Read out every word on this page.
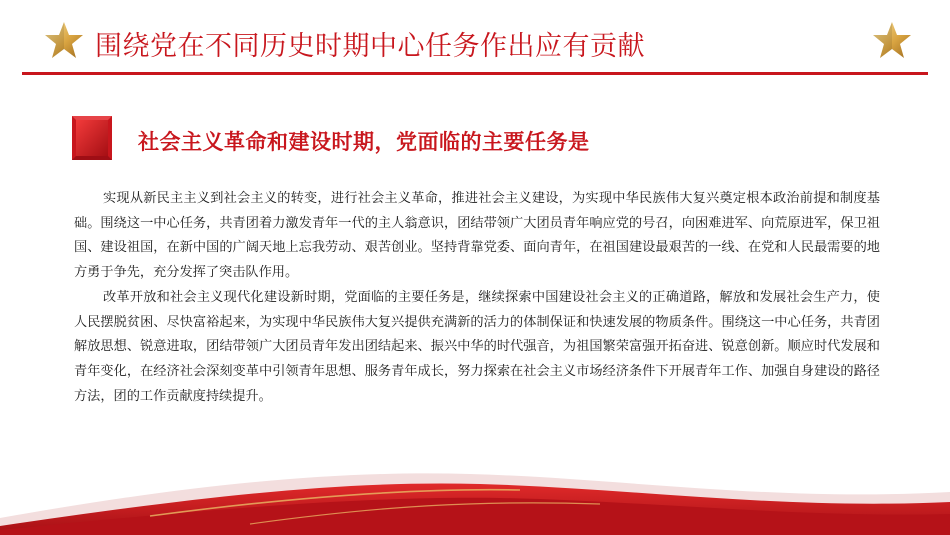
围绕党在不同历史时期中心任务作出应有贡献
社会主义革命和建设时期，党面临的主要任务是

实现从新民主主义到社会主义的转变，进行社会主义革命，推进社会主义建设，为实现中华民族伟大复兴奠定根本政治前提和制度基础。围绕这一中心任务，共青团着力激发青年一代的主人翁意识，团结带领广大团员青年响应党的号召，向困难进军、向荒原进军，保卫祖国、建设祖国，在新中国的广阔天地上忘我劳动、艰苦创业。坚持背靠党委、面向青年，在祖国建设最艰苦的一线、在党和人民最需要的地方勇于争先，充分发挥了突击队作用。

改革开放和社会主义现代化建设新时期，党面临的主要任务是，继续探索中国建设社会主义的正确道路，解放和发展社会生产力，使人民摆脱贫困、尽快富裕起来，为实现中华民族伟大复兴提供充满新的活力的体制保证和快速发展的物质条件。围绕这一中心任务，共青团解放思想、锐意进取，团结带领广大团员青年发出团结起来、振兴中华的时代强音，为祖国繁荣富强开拓奋进、锐意创新。顺应时代发展和青年变化，在经济社会深刻变革中引领青年思想、服务青年成长，努力探索在社会主义市场经济条件下开展青年工作、加强自身建设的路径方法，团的工作贡献度持续提升。
